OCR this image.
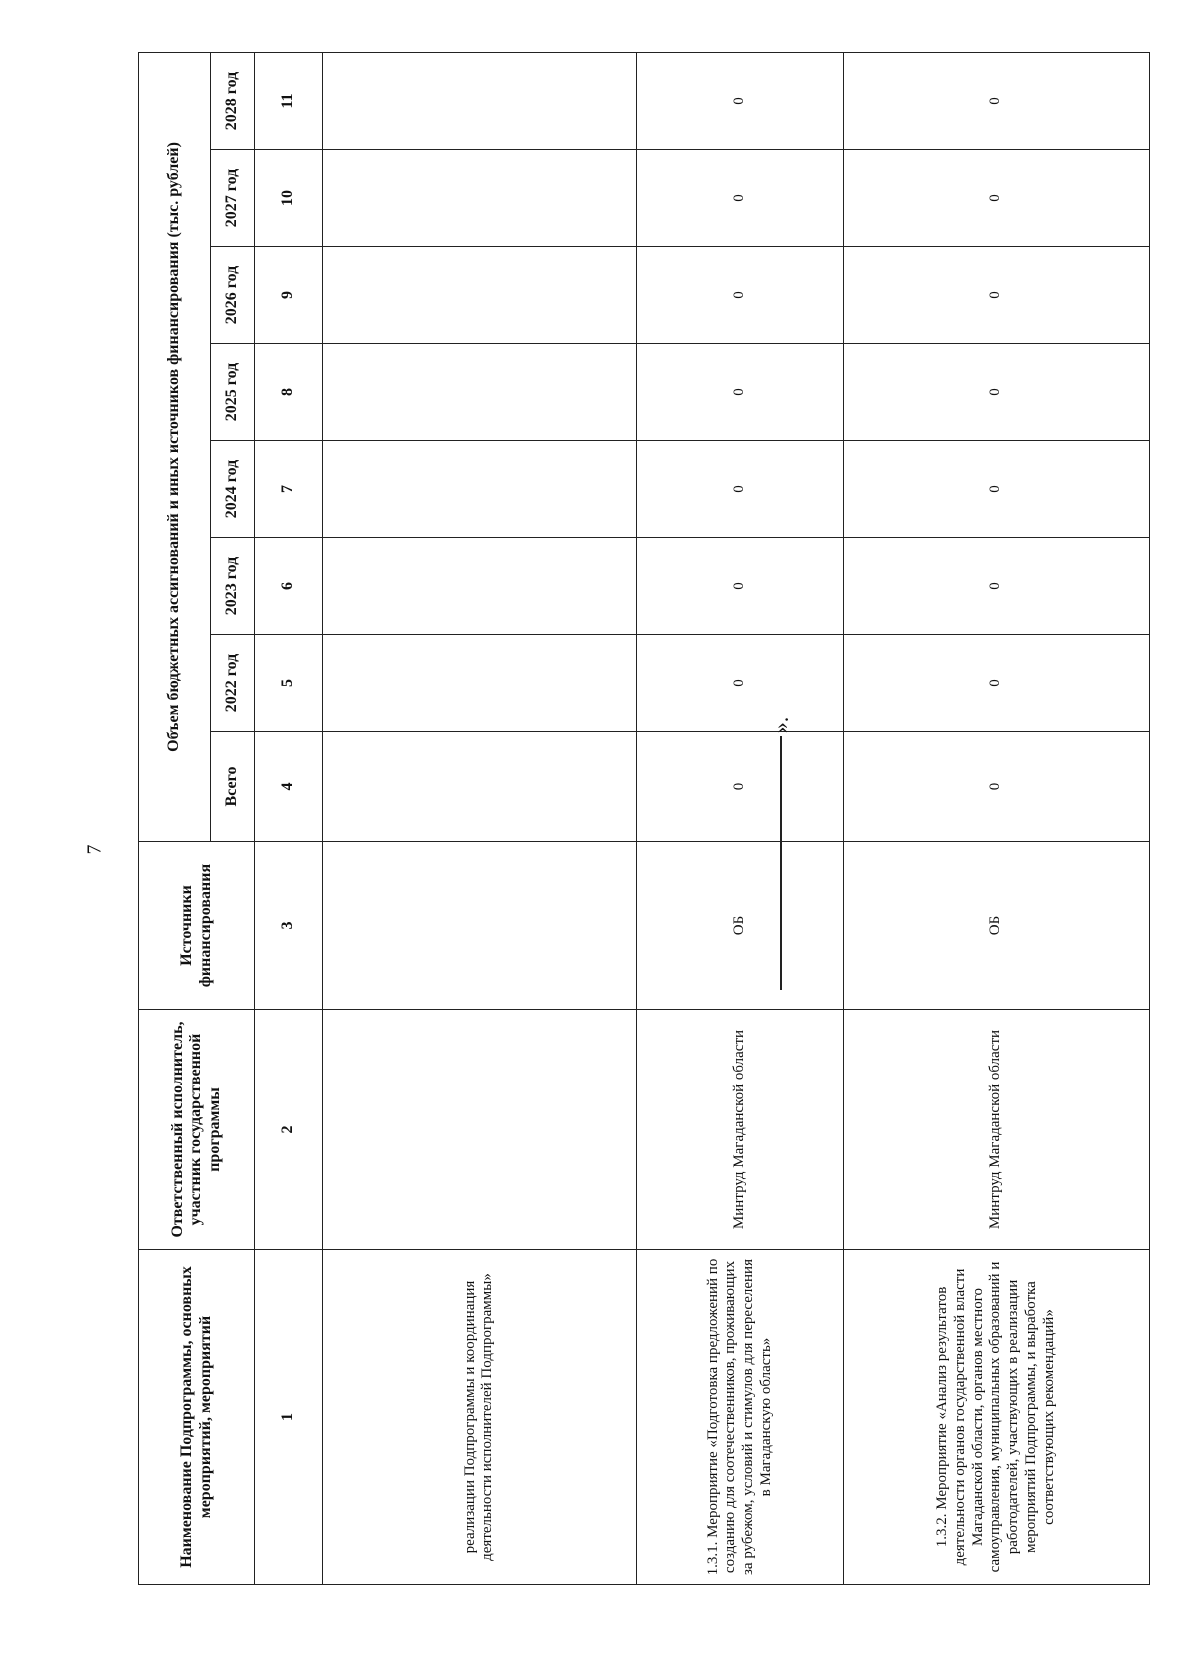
7
Наименование Подпрограммы, основных мероприятий, мероприятий	Ответственный исполнитель, участник государственной программы	Источники финансирования	Объем бюджетных ассигнований и иных источников финансирования (тыс. рублей)							
			Всего	2022 год	2023 год	2024 год	2025 год	2026 год	2027 год	2028 год
1	2	3	4	5	6	7	8	9	10	11
реализации Подпрограммы и координация деятельности исполнителей Подпрограммы»										
1.3.1. Мероприятие «Подготовка предложений по созданию для соотечественников, проживающих за рубежом, условий и стимулов для переселения в Магаданскую область»	Минтруд Магаданской области	ОБ	0	0	0	0	0	0	0	0
1.3.2. Мероприятие «Анализ результатов деятельности органов государственной власти Магаданской области, органов местного самоуправления, муниципальных образований и работодателей, участвующих в реализации мероприятий Подпрограммы, и выработка соответствующих рекомендаций»	Минтруд Магаданской области	ОБ	0	0	0	0	0	0	0	0
».
